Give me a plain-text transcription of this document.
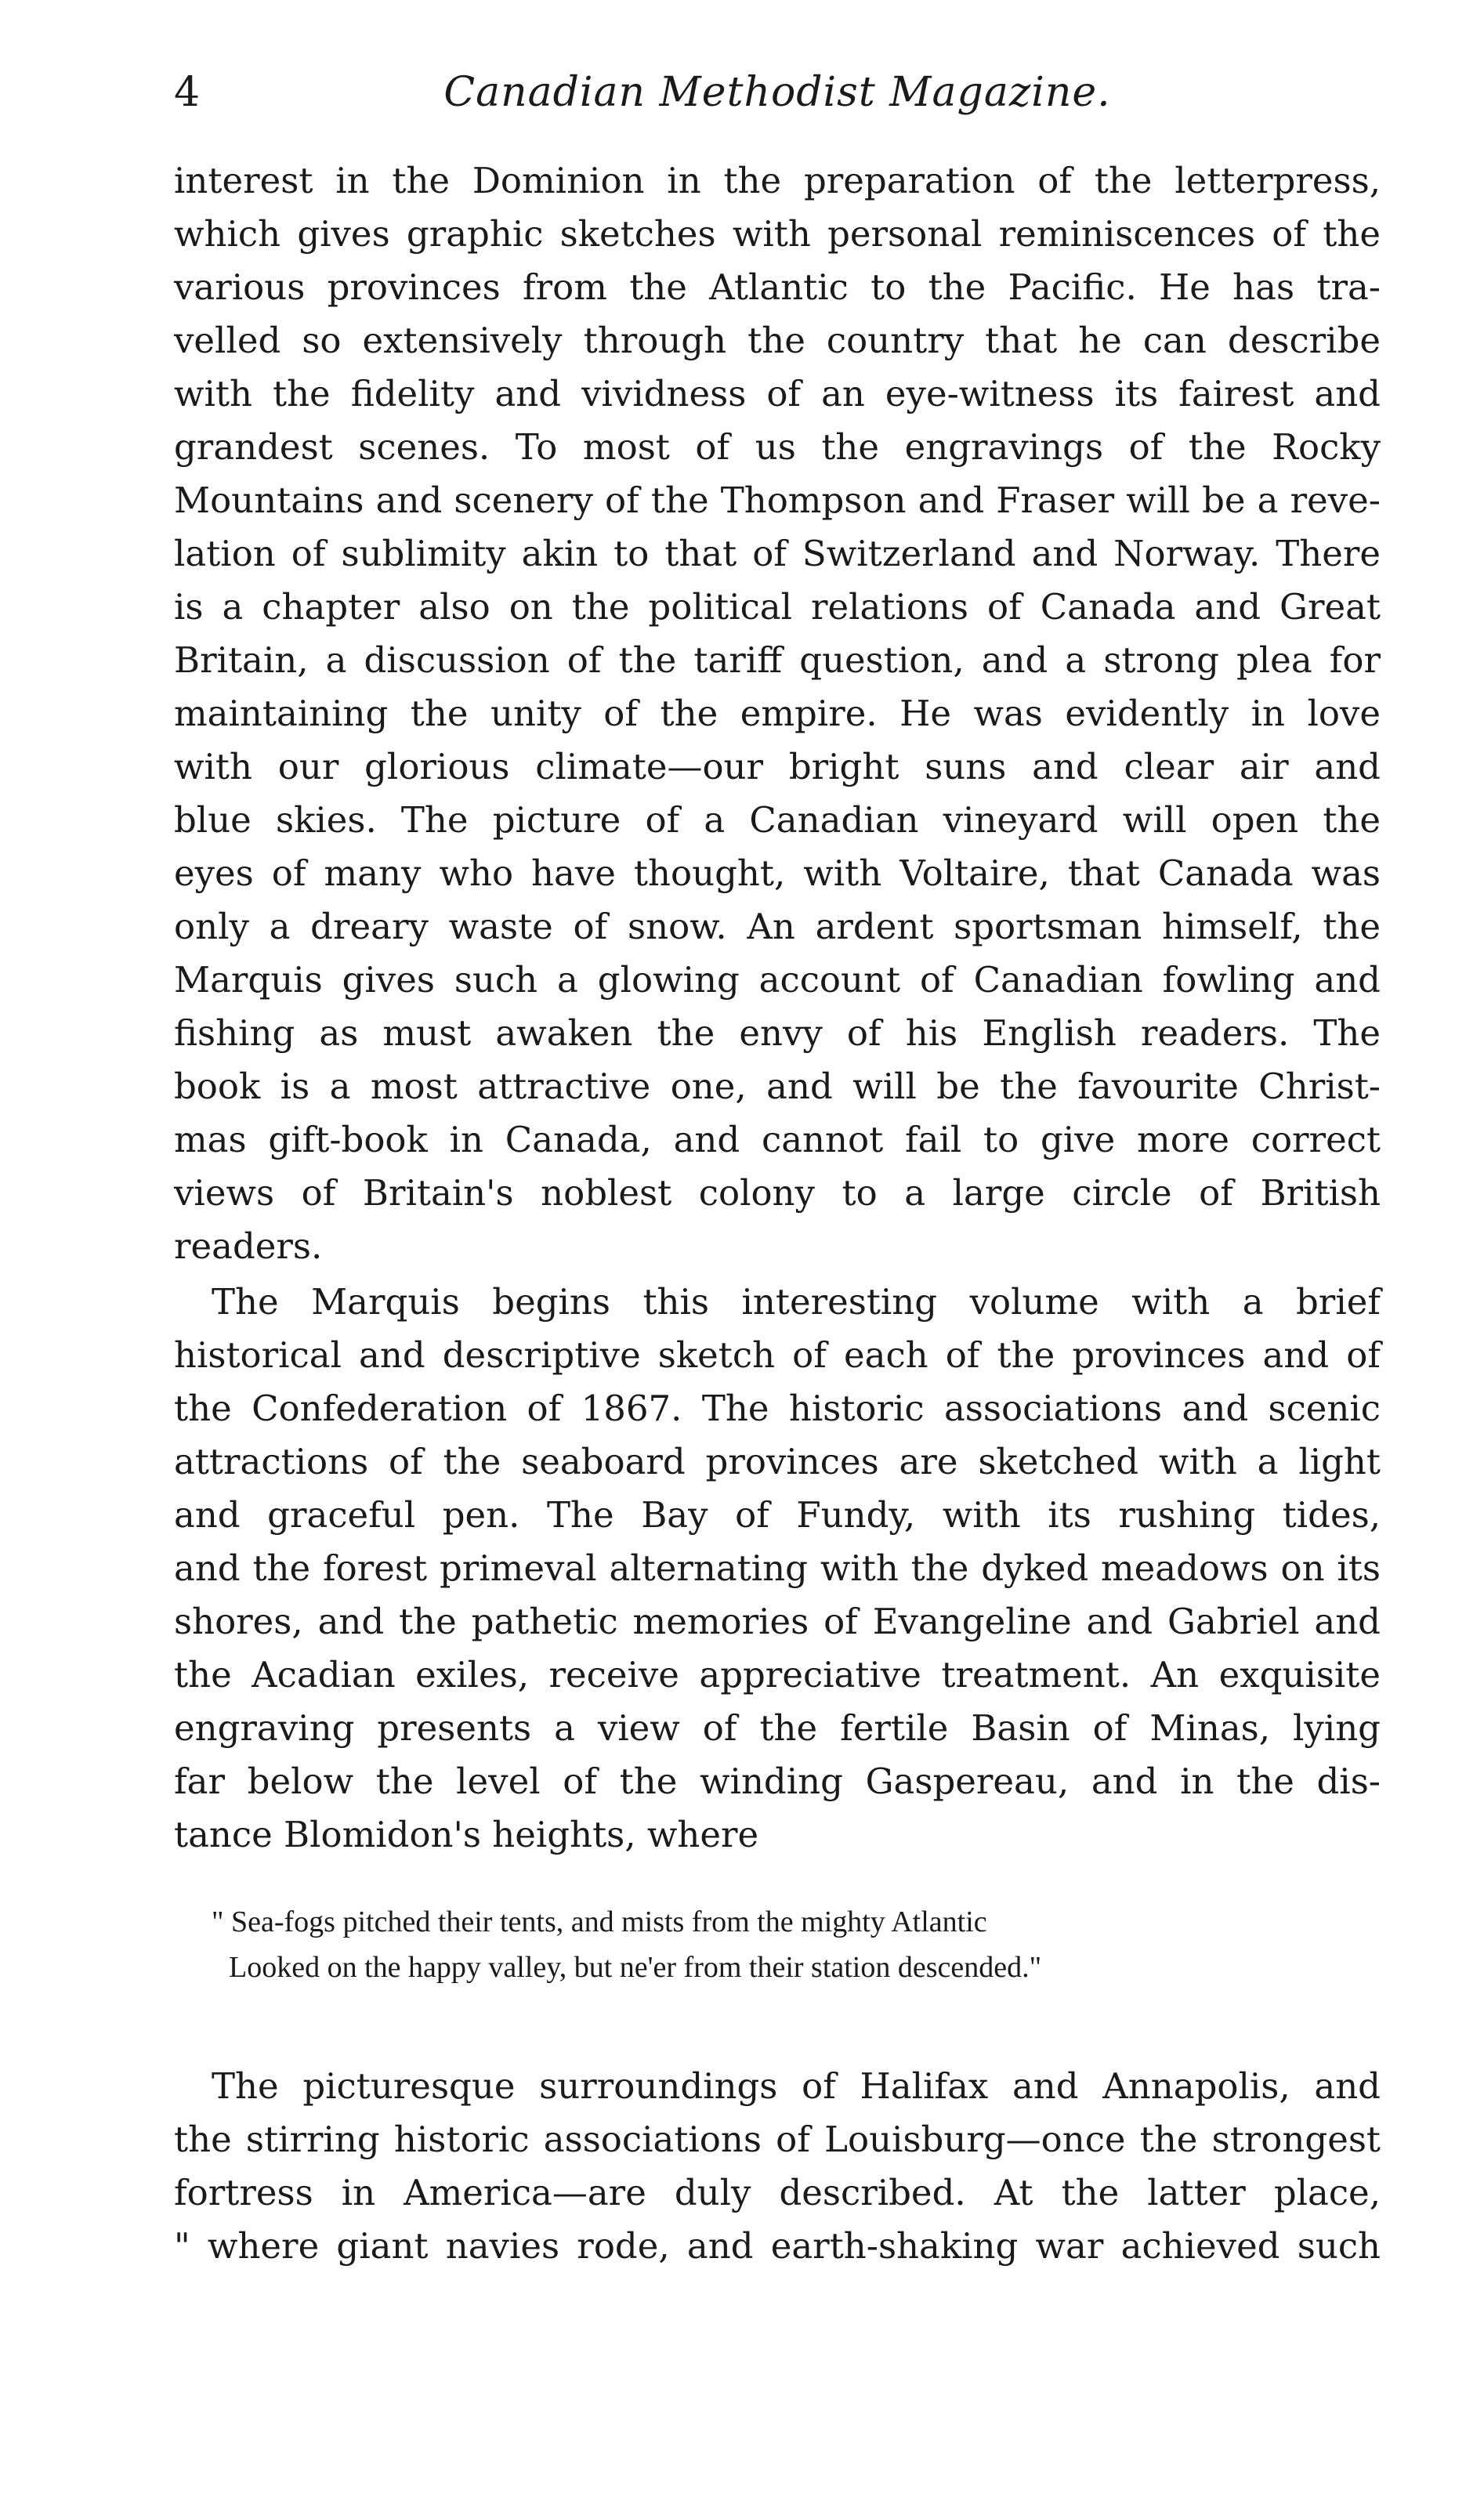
4	Canadian Methodist Magazine.
interest in the Dominion in the preparation of the letterpress,
which gives graphic sketches with personal reminiscences of the
various provinces from the Atlantic to the Pacific. He has tra-
velled so extensively through the country that he can describe
with the fidelity and vividness of an eye-witness its fairest and
grandest scenes. To most of us the engravings of the Rocky
Mountains and scenery of the Thompson and Fraser will be a reve-
lation of sublimity akin to that of Switzerland and Norway. There
is a chapter also on the political relations of Canada and Great
Britain, a discussion of the tariff question, and a strong plea for
maintaining the unity of the empire. He was evidently in love
with our glorious climate—our bright suns and clear air and
blue skies. The picture of a Canadian vineyard will open the
eyes of many who have thought, with Voltaire, that Canada was
only a dreary waste of snow. An ardent sportsman himself, the
Marquis gives such a glowing account of Canadian fowling and
fishing as must awaken the envy of his English readers. The
book is a most attractive one, and will be the favourite Christ-
mas gift-book in Canada, and cannot fail to give more correct
views of Britain's noblest colony to a large circle of British
readers.
The Marquis begins this interesting volume with a brief
historical and descriptive sketch of each of the provinces and of
the Confederation of 1867. The historic associations and scenic
attractions of the seaboard provinces are sketched with a light
and graceful pen. The Bay of Fundy, with its rushing tides,
and the forest primeval alternating with the dyked meadows on its
shores, and the pathetic memories of Evangeline and Gabriel and
the Acadian exiles, receive appreciative treatment. An exquisite
engraving presents a view of the fertile Basin of Minas, lying
far below the level of the winding Gaspereau, and in the dis-
tance Blomidon's heights, where
" Sea-fogs pitched their tents, and mists from the mighty Atlantic
Looked on the happy valley, but ne'er from their station descended."
The picturesque surroundings of Halifax and Annapolis, and
the stirring historic associations of Louisburg—once the strongest
fortress in America—are duly described. At the latter place,
" where giant navies rode, and earth-shaking war achieved such
